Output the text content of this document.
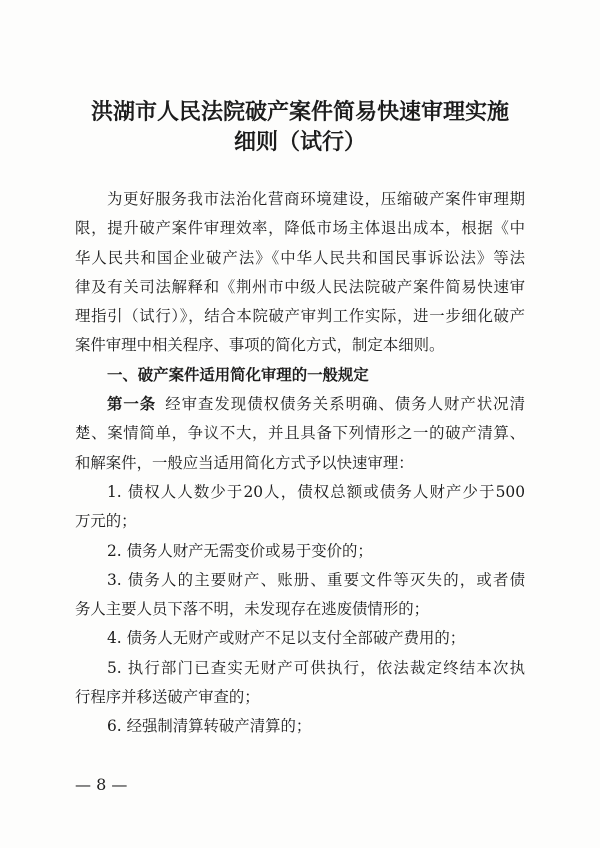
洪湖市人民法院破产案件简易快速审理实施
细则（试行）
为更好服务我市法治化营商环境建设，压缩破产案件审理期
限，提升破产案件审理效率，降低市场主体退出成本，根据《中
华人民共和国企业破产法》《中华人民共和国民事诉讼法》等法
律及有关司法解释和《荆州市中级人民法院破产案件简易快速审
理指引（试行）》，结合本院破产审判工作实际，进一步细化破产
案件审理中相关程序、事项的简化方式，制定本细则。
一、破产案件适用简化审理的一般规定
第一条 经审查发现债权债务关系明确、债务人财产状况清
楚、案情简单，争议不大，并且具备下列情形之一的破产清算、
和解案件，一般应当适用简化方式予以快速审理：
1. 债权人人数少于20人，债权总额或债务人财产少于500
万元的；
2. 债务人财产无需变价或易于变价的；
3. 债务人的主要财产、账册、重要文件等灭失的，或者债
务人主要人员下落不明，未发现存在逃废债情形的；
4. 债务人无财产或财产不足以支付全部破产费用的；
5. 执行部门已查实无财产可供执行，依法裁定终结本次执
行程序并移送破产审查的；
6. 经强制清算转破产清算的；
— 8 —
